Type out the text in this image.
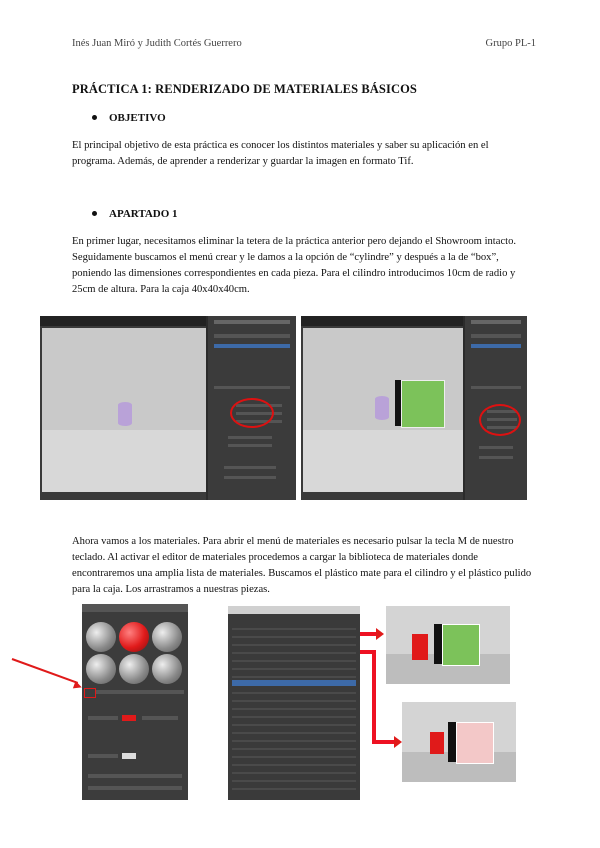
Inés Juan Miró y Judith Cortés Guerrero	Grupo PL-1
PRÁCTICA 1: RENDERIZADO DE MATERIALES BÁSICOS
OBJETIVO
El principal objetivo de esta práctica es conocer los distintos materiales y saber su aplicación en el programa. Además, de aprender a renderizar y guardar la imagen en formato Tif.
APARTADO 1
En primer lugar, necesitamos eliminar la tetera de la práctica anterior pero dejando el Showroom intacto. Seguidamente buscamos el menú crear y le damos a la opción de “cylindre” y después a la de “box”, poniendo las dimensiones correspondientes en cada pieza. Para el cilindro introducimos 10cm de radio y 25cm de altura. Para la caja 40x40x40cm.
Ahora vamos a los materiales. Para abrir el menú de materiales es necesario pulsar la tecla M de nuestro teclado. Al activar el editor de materiales procedemos a cargar la biblioteca de materiales donde encontraremos una amplia lista de materiales. Buscamos el plástico mate para el cilindro y el plástico pulido para la caja. Los arrastramos a nuestras piezas.
